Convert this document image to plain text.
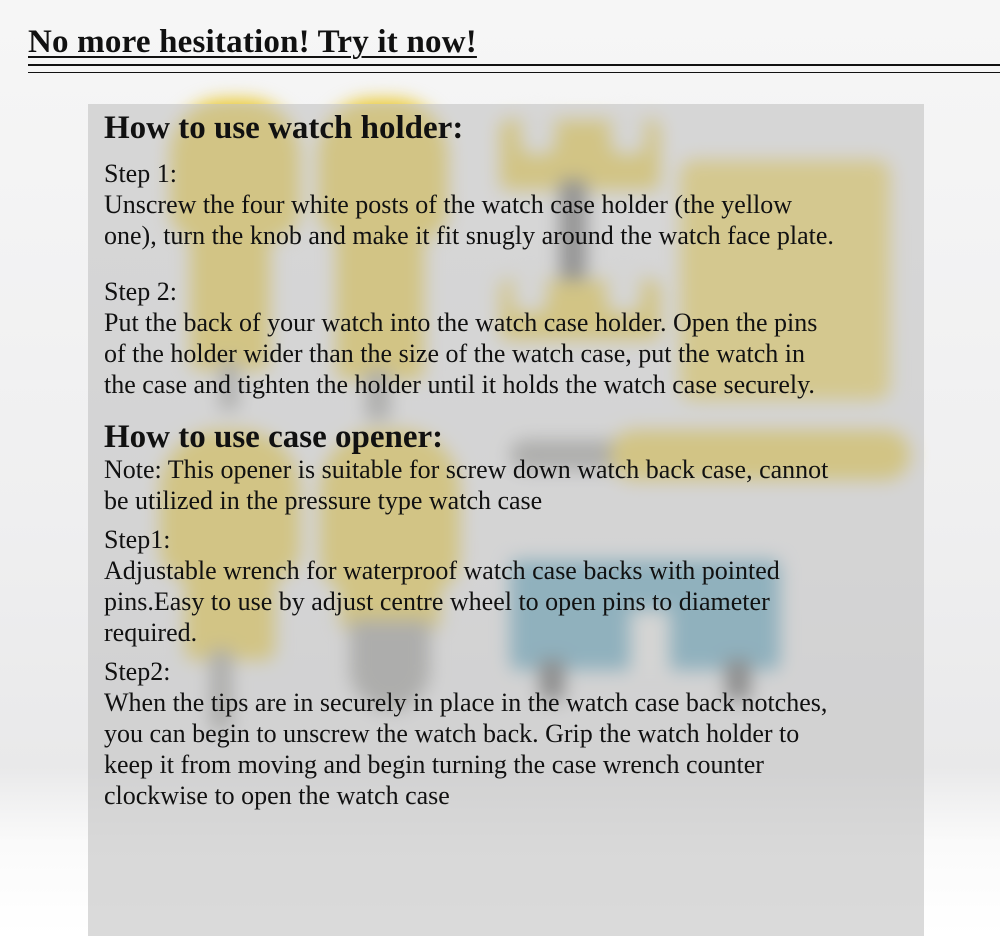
No more hesitation! Try it now!
How to use watch holder:

Step 1:

Unscrew the four white posts of the watch case holder (the yellow

one), turn the knob and make it fit snugly around the watch face plate.

Step 2:

Put the back of your watch into the watch case holder. Open the pins

of the holder wider than the size of the watch case, put the watch in

the case and tighten the holder until it holds the watch case securely.

How to use case opener:

Note: This opener is suitable for screw down watch back case, cannot

be utilized in the pressure type watch case

Step1:

Adjustable wrench for waterproof watch case backs with pointed

pins.Easy to use by adjust centre wheel to open pins to diameter

required.

Step2:

When the tips are in securely in place in the watch case back notches,

you can begin to unscrew the watch back. Grip the watch holder to

keep it from moving and begin turning the case wrench counter

clockwise to open the watch case
